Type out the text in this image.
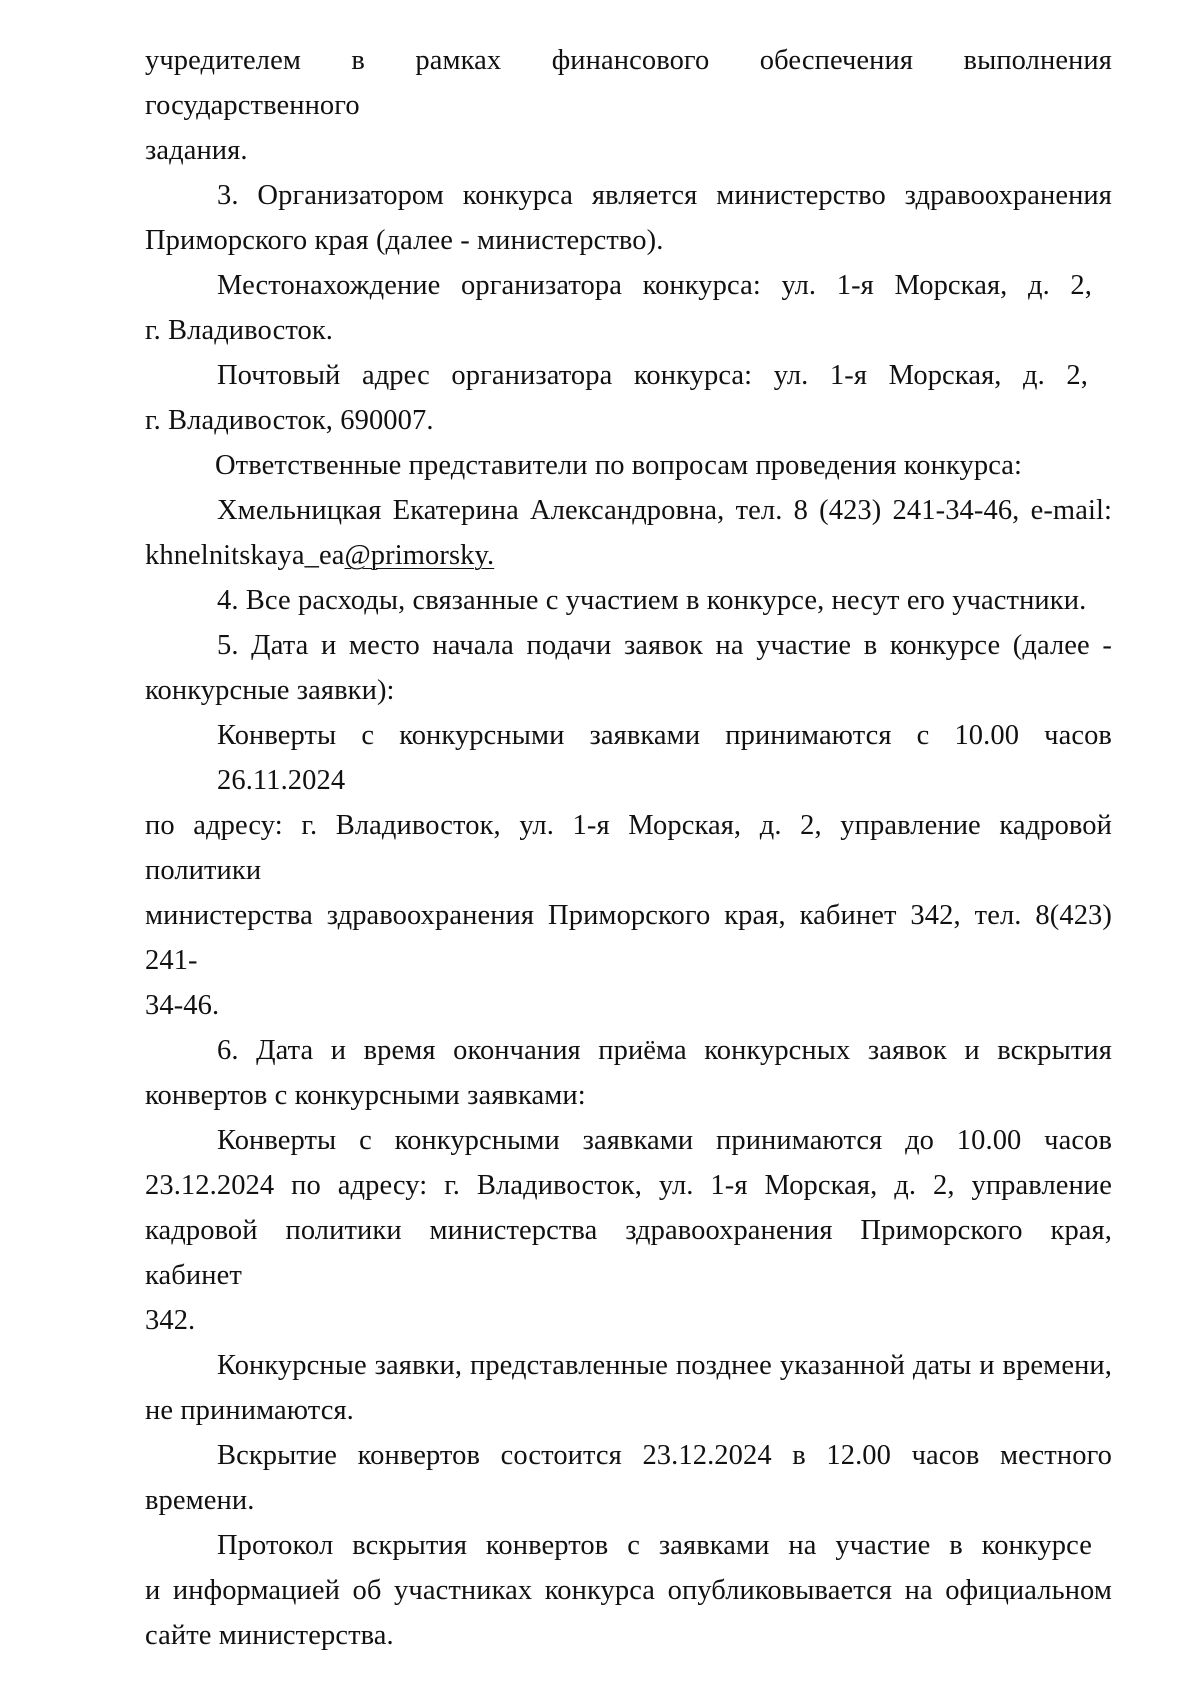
учредителем в рамках финансового обеспечения выполнения государственного
задания.

3. Организатором конкурса является министерство здравоохранения
Приморского края (далее - министерство).

Местонахождение организатора конкурса: ул. 1-я Морская, д. 2,
г. Владивосток.

Почтовый адрес организатора конкурса: ул. 1-я Морская, д. 2,
г. Владивосток, 690007.

Ответственные представители по вопросам проведения конкурса:

Хмельницкая Екатерина Александровна, тел. 8 (423) 241-34-46, e-mail:
khnelnitskaya_ea@primorsky.

4. Все расходы, связанные с участием в конкурсе, несут его участники.

5. Дата и место начала подачи заявок на участие в конкурсе (далее -
конкурсные заявки):

Конверты с конкурсными заявками принимаются с 10.00 часов 26.11.2024
по адресу: г. Владивосток, ул. 1-я Морская, д. 2, управление кадровой политики
министерства здравоохранения Приморского края, кабинет 342, тел. 8(423) 241-
34-46.

6. Дата и время окончания приёма конкурсных заявок и вскрытия
конвертов с конкурсными заявками:

Конверты с конкурсными заявками принимаются до 10.00 часов
23.12.2024 по адресу: г. Владивосток, ул. 1-я Морская, д. 2, управление
кадровой политики министерства здравоохранения Приморского края, кабинет
342.

Конкурсные заявки, представленные позднее указанной даты и времени,
не принимаются.

Вскрытие конвертов состоится 23.12.2024 в 12.00 часов местного
времени.

Протокол вскрытия конвертов с заявками на участие в конкурсе
и информацией об участниках конкурса опубликовывается на официальном
сайте министерства.
